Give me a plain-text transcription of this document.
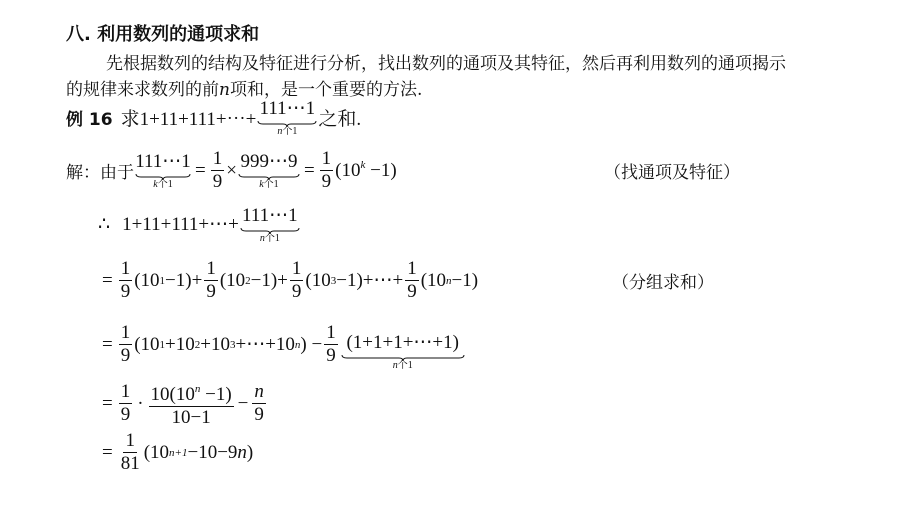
八. 利用数列的通项求和
先根据数列的结构及特征进行分析，找出数列的通项及其特征，然后再利用数列的通项揭示
的规律来求数列的前n项和，是一个重要的方法.
例 16 求1+11+111+⋯+
111⋯1
n个1
之和.
解：由于
111⋯1
k个1
= $\frac{1}{9}$ × 999⋯9
k个1
= $\frac{1}{9} (10^k -1)$	（找通项及特征）
∴ 1+11+111+⋯+ 111⋯1
n个1
= $\frac{1}{9} (10$ $1 -1)+ \frac{1}{9} (10$ $2 -1)+ \frac{1}{9} (10$ 3 −1)+⋯+ $\frac{1}{9} (10$ n −1)	（分组求和）
= $\frac{1}{9} (10$ 1 +10 2 +10 3 +⋯+10 n ) − $\frac{1}{9}$ (1+1+1+⋯+1)
n个1
= $\frac{1}{9} \cdot \frac{10(10^n -1)}{10-1} - \frac{n}{9}$
= $\frac{1}{81} (10$ n+1 −10−9 n )
